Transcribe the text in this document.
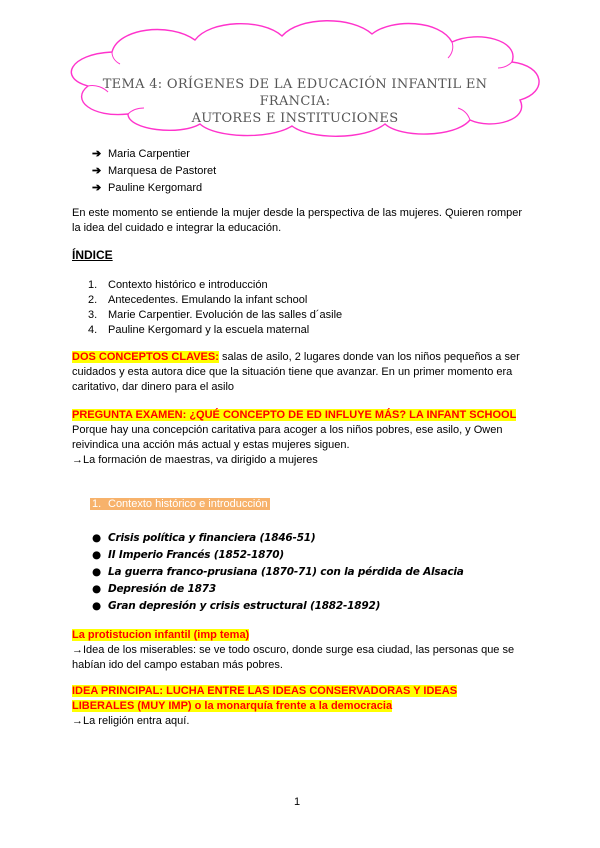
TEMA 4: ORÍGENES DE LA EDUCACIÓN INFANTIL EN FRANCIA:
AUTORES E INSTITUCIONES
➔ Maria Carpentier
➔ Marquesa de Pastoret
➔ Pauline Kergomard

En este momento se entiende la mujer desde la perspectiva de las mujeres. Quieren romper la idea del cuidado e integrar la educación.

ÍNDICE
1. Contexto histórico e introducción
2. Antecedentes. Emulando la infant school
3. Marie Carpentier. Evolución de las salles d´asile
4. Pauline Kergomard y la escuela maternal

DOS CONCEPTOS CLAVES: salas de asilo, 2 lugares donde van los niños pequeños a ser cuidados y esta autora dice que la situación tiene que avanzar. En un primer momento era caritativo, dar dinero para el asilo

PREGUNTA EXAMEN: ¿QUÉ CONCEPTO DE ED INFLUYE MÁS? LA INFANT SCHOOL
Porque hay una concepción caritativa para acoger a los niños pobres, ese asilo, y Owen reivindica una acción más actual y estas mujeres siguen.
→La formación de maestras, va dirigido a mujeres
1. Contexto histórico e introducción
● Crisis política y financiera (1846-51)
● II Imperio Francés (1852-1870)
● La guerra franco-prusiana (1870-71) con la pérdida de Alsacia
● Depresión de 1873
● Gran depresión y crisis estructural (1882-1892)
La protistucion infantil (imp tema)
→Idea de los miserables: se ve todo oscuro, donde surge esa ciudad, las personas que se habían ido del campo estaban más pobres.
IDEA PRINCIPAL: LUCHA ENTRE LAS IDEAS CONSERVADORAS Y IDEAS
LIBERALES (MUY IMP) o la monarquía frente a la democracia
→La religión entra aquí.
1
